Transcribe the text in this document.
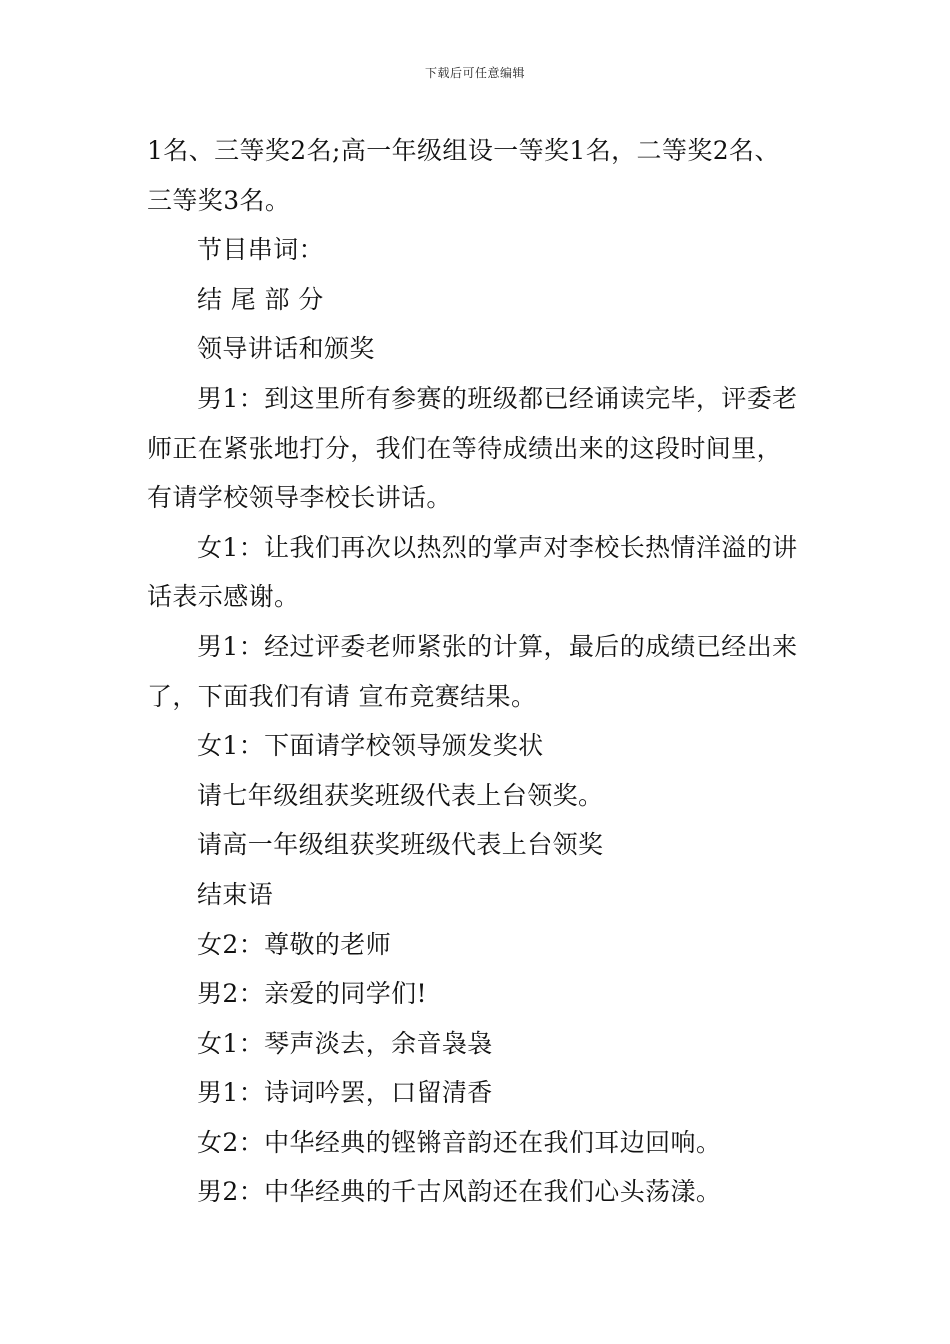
下载后可任意编辑
1名、三等奖2名;高一年级组设一等奖1名，二等奖2名、
三等奖3名。
节目串词：
结 尾 部 分
领导讲话和颁奖
男1：到这里所有参赛的班级都已经诵读完毕，评委老
师正在紧张地打分，我们在等待成绩出来的这段时间里，
有请学校领导李校长讲话。
女1：让我们再次以热烈的掌声对李校长热情洋溢的讲
话表示感谢。
男1：经过评委老师紧张的计算，最后的成绩已经出来
了，下面我们有请 宣布竞赛结果。
女1：下面请学校领导颁发奖状
请七年级组获奖班级代表上台领奖。
请高一年级组获奖班级代表上台领奖
结束语
女2：尊敬的老师
男2：亲爱的同学们!
女1：琴声淡去，余音袅袅
男1：诗词吟罢，口留清香
女2：中华经典的铿锵音韵还在我们耳边回响。
男2：中华经典的千古风韵还在我们心头荡漾。
